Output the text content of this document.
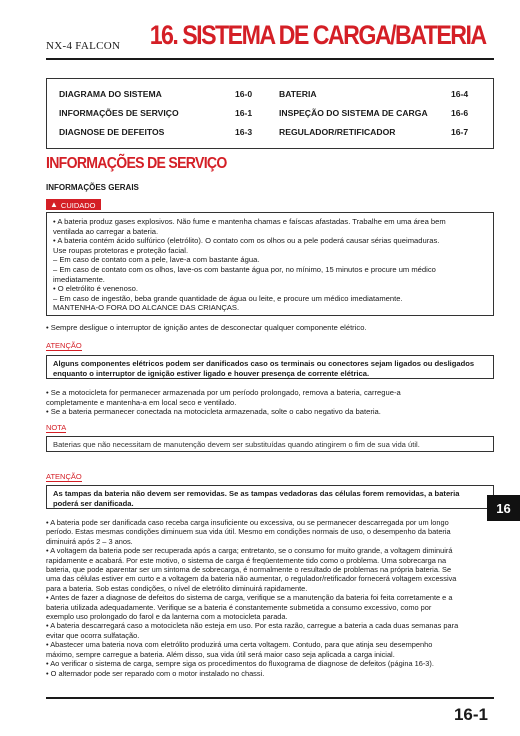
NX-4 FALCON 16. SISTEMA DE CARGA/BATERIA
DIAGRAMA DO SISTEMA	16-0	BATERIA	16-4
INFORMAÇÕES DE SERVIÇO	16-1	INSPEÇÃO DO SISTEMA DE CARGA	16-6
DIAGNOSE DE DEFEITOS	16-3	REGULADOR/RETIFICADOR	16-7
INFORMAÇÕES DE SERVIÇO
INFORMAÇÕES GERAIS
▲ CUIDADO
• A bateria produz gases explosivos. Não fume e mantenha chamas e faíscas afastadas. Trabalhe em uma área bem
ventilada ao carregar a bateria.
• A bateria contém ácido sulfúrico (eletrólito). O contato com os olhos ou a pele poderá causar sérias queimaduras.
Use roupas protetoras e proteção facial.
– Em caso de contato com a pele, lave-a com bastante água.
– Em caso de contato com os olhos, lave-os com bastante água por, no mínimo, 15 minutos e procure um médico
imediatamente.
• O eletrólito é venenoso.
– Em caso de ingestão, beba grande quantidade de água ou leite, e procure um médico imediatamente.
MANTENHA-O FORA DO ALCANCE DAS CRIANÇAS.
• Sempre desligue o interruptor de ignição antes de desconectar qualquer componente elétrico.
ATENÇÃO
Alguns componentes elétricos podem ser danificados caso os terminais ou conectores sejam ligados ou desligados
enquanto o interruptor de ignição estiver ligado e houver presença de corrente elétrica.
• Se a motocicleta for permanecer armazenada por um período prolongado, remova a bateria, carregue-a
completamente e mantenha-a em local seco e ventilado.
• Se a bateria permanecer conectada na motocicleta armazenada, solte o cabo negativo da bateria.
NOTA
Baterias que não necessitam de manutenção devem ser substituídas quando atingirem o fim de sua vida útil.
ATENÇÃO
As tampas da bateria não devem ser removidas. Se as tampas vedadoras das células forem removidas, a bateria
poderá ser danificada.	16
• A bateria pode ser danificada caso receba carga insuficiente ou excessiva, ou se permanecer descarregada por um longo
período. Estas mesmas condições diminuem sua vida útil. Mesmo em condições normais de uso, o desempenho da bateria
diminuirá após 2 – 3 anos.
• A voltagem da bateria pode ser recuperada após a carga; entretanto, se o consumo for muito grande, a voltagem diminuirá
rapidamente e acabará. Por este motivo, o sistema de carga é freqüentemente tido como o problema. Uma sobrecarga na
bateria, que pode aparentar ser um sintoma de sobrecarga, é normalmente o resultado de problemas na própria bateria. Se
uma das células estiver em curto e a voltagem da bateria não aumentar, o regulador/retificador fornecerá voltagem excessiva
para a bateria. Sob estas condições, o nível de eletrólito diminuirá rapidamente.
• Antes de fazer a diagnose de defeitos do sistema de carga, verifique se a manutenção da bateria foi feita corretamente e a
bateria utilizada adequadamente. Verifique se a bateria é constantemente submetida a consumo excessivo, como por
exemplo uso prolongado do farol e da lanterna com a motocicleta parada.
• A bateria descarregará caso a motocicleta não esteja em uso. Por esta razão, carregue a bateria a cada duas semanas para
evitar que ocorra sulfatação.
• Abastecer uma bateria nova com eletrólito produzirá uma certa voltagem. Contudo, para que atinja seu desempenho
máximo, sempre carregue a bateria. Além disso, sua vida útil será maior caso seja aplicada a carga inicial.
• Ao verificar o sistema de carga, sempre siga os procedimentos do fluxograma de diagnose de defeitos (página 16-3).
• O alternador pode ser reparado com o motor instalado no chassi.
16-1
